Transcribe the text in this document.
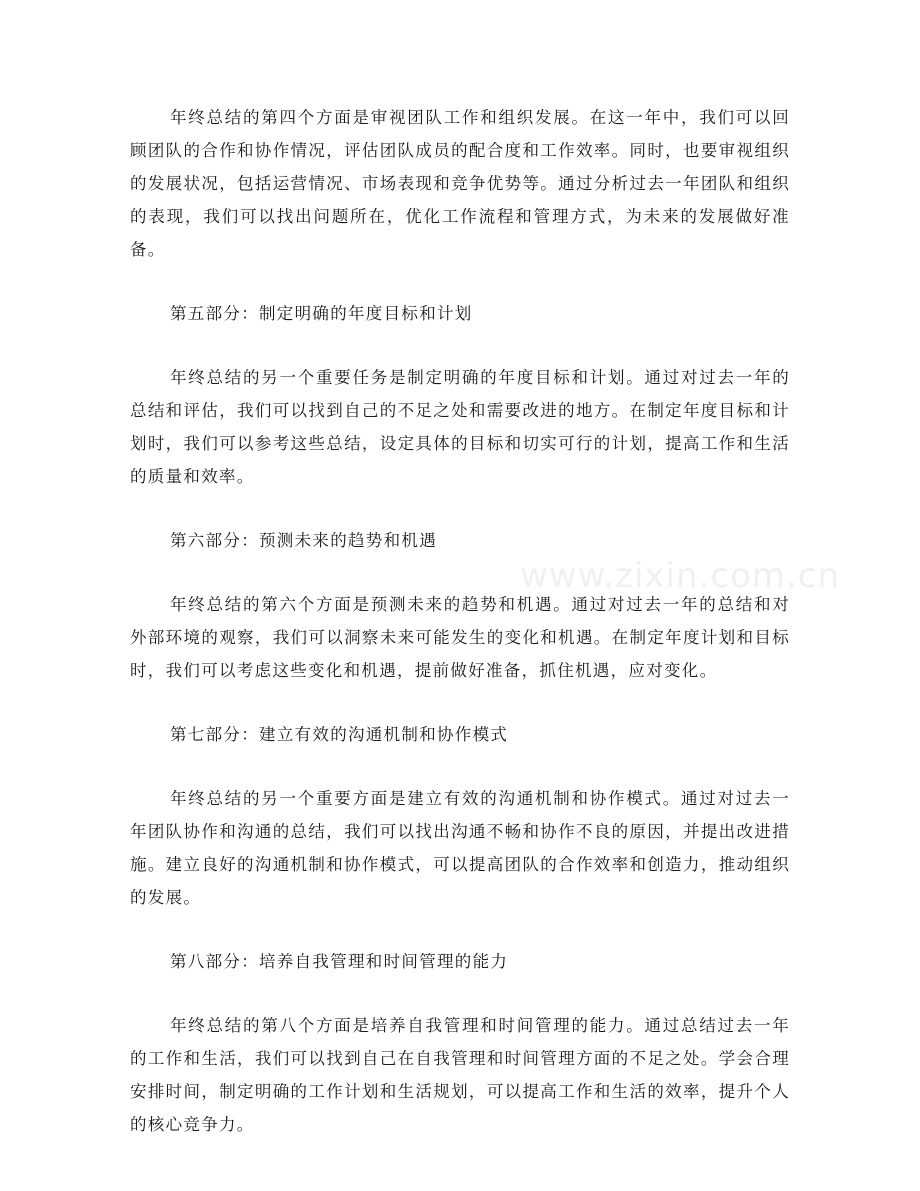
年终总结的第四个方面是审视团队工作和组织发展。在这一年中，我们可以回顾团队的合作和协作情况，评估团队成员的配合度和工作效率。同时，也要审视组织的发展状况，包括运营情况、市场表现和竞争优势等。通过分析过去一年团队和组织的表现，我们可以找出问题所在，优化工作流程和管理方式，为未来的发展做好准备。

第五部分：制定明确的年度目标和计划

年终总结的另一个重要任务是制定明确的年度目标和计划。通过对过去一年的总结和评估，我们可以找到自己的不足之处和需要改进的地方。在制定年度目标和计划时，我们可以参考这些总结，设定具体的目标和切实可行的计划，提高工作和生活的质量和效率。

第六部分：预测未来的趋势和机遇

年终总结的第六个方面是预测未来的趋势和机遇。通过对过去一年的总结和对外部环境的观察，我们可以洞察未来可能发生的变化和机遇。在制定年度计划和目标时，我们可以考虑这些变化和机遇，提前做好准备，抓住机遇，应对变化。

第七部分：建立有效的沟通机制和协作模式

年终总结的另一个重要方面是建立有效的沟通机制和协作模式。通过对过去一年团队协作和沟通的总结，我们可以找出沟通不畅和协作不良的原因，并提出改进措施。建立良好的沟通机制和协作模式，可以提高团队的合作效率和创造力，推动组织的发展。

第八部分：培养自我管理和时间管理的能力

年终总结的第八个方面是培养自我管理和时间管理的能力。通过总结过去一年的工作和生活，我们可以找到自己在自我管理和时间管理方面的不足之处。学会合理安排时间，制定明确的工作计划和生活规划，可以提高工作和生活的效率，提升个人的核心竞争力。

www.zixin.com.cn
